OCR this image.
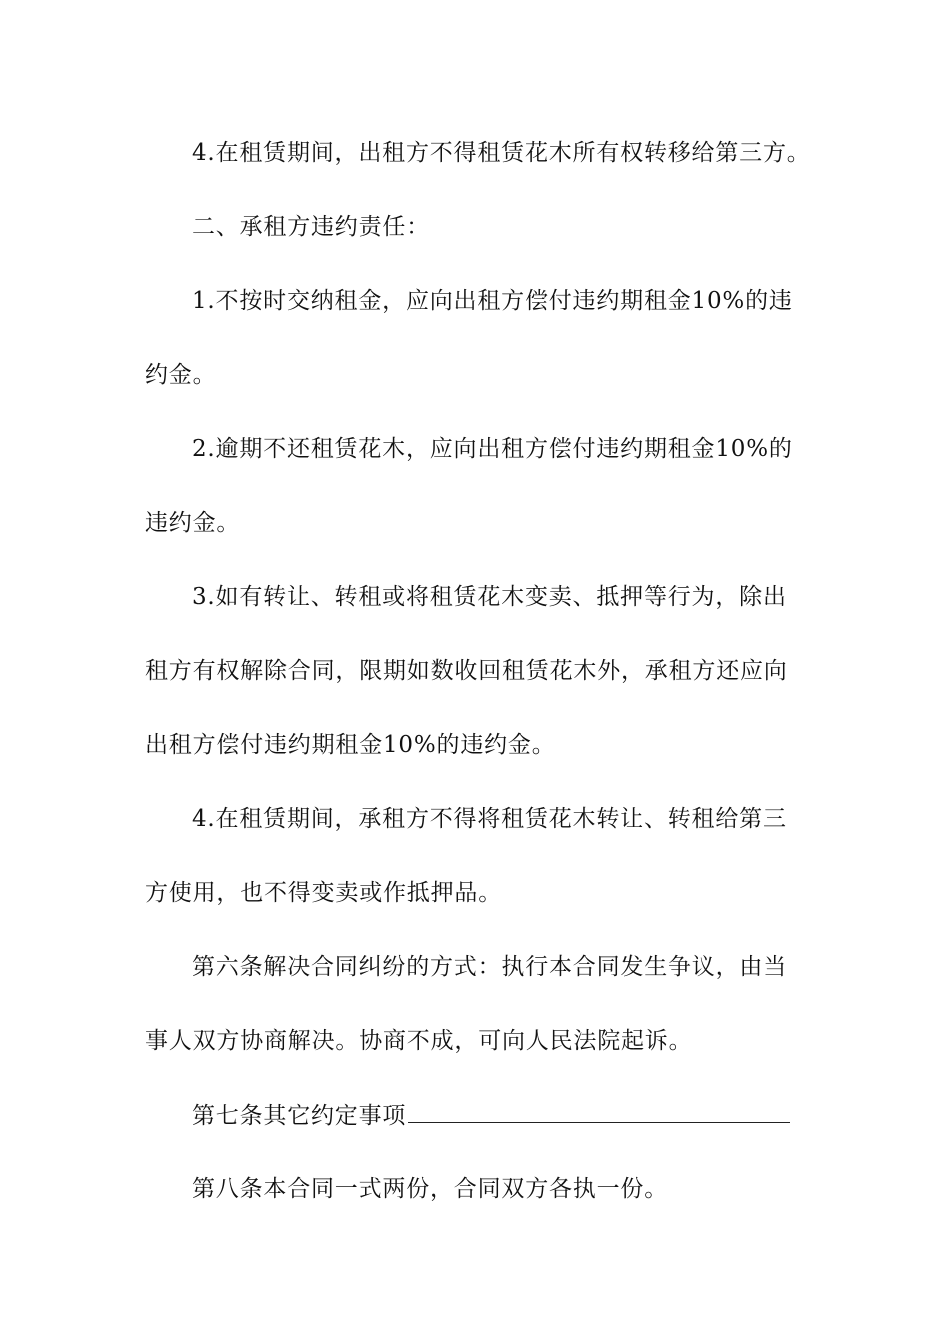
4.在租赁期间，出租方不得租赁花木所有权转移给第三方。
二、承租方违约责任：
1.不按时交纳租金，应向出租方偿付违约期租金10%的违
约金。
2.逾期不还租赁花木，应向出租方偿付违约期租金10%的
违约金。
3.如有转让、转租或将租赁花木变卖、抵押等行为，除出
租方有权解除合同，限期如数收回租赁花木外，承租方还应向
出租方偿付违约期租金10%的违约金。
4.在租赁期间，承租方不得将租赁花木转让、转租给第三
方使用，也不得变卖或作抵押品。
第六条解决合同纠纷的方式：执行本合同发生争议，由当
事人双方协商解决。协商不成，可向人民法院起诉。
第七条其它约定事项
第八条本合同一式两份，合同双方各执一份。
